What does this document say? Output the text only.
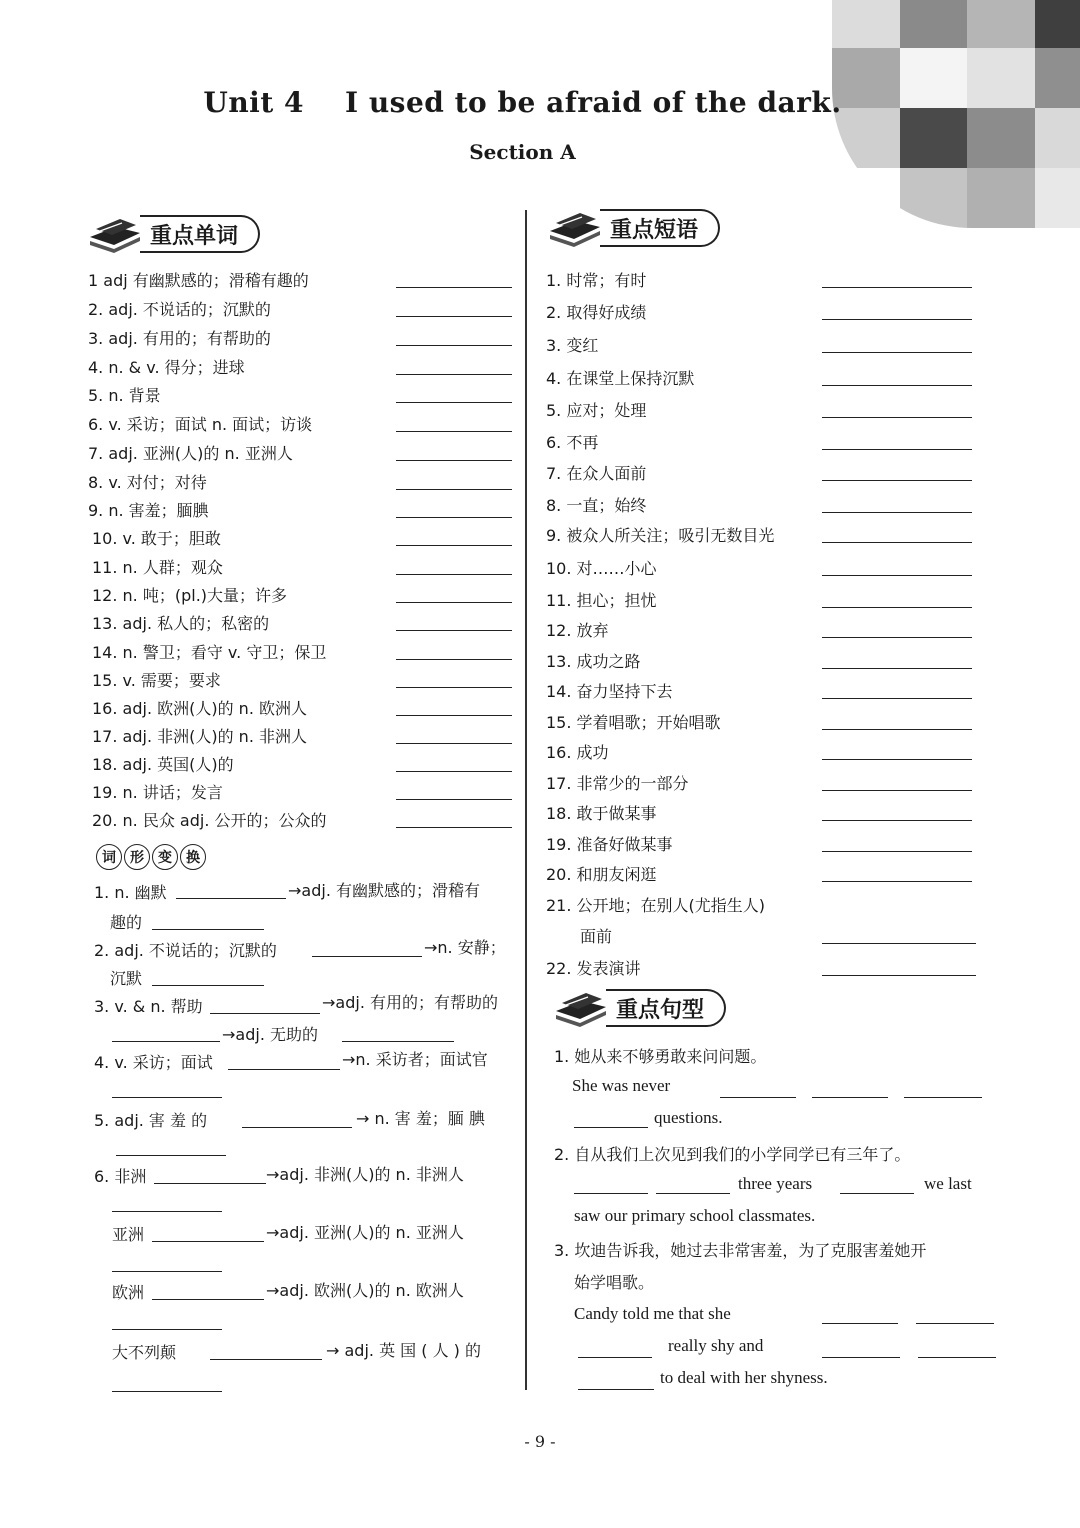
Unit 4    I used to be afraid of the dark.
Section A
重点单词	重点短语
重点句型
1 adj 有幽默感的；滑稽有趣的
2. adj. 不说话的；沉默的
3. adj. 有用的；有帮助的
4. n. & v. 得分；进球
5. n. 背景
6. v. 采访；面试 n. 面试；访谈
7. adj. 亚洲(人)的 n. 亚洲人
8. v. 对付；对待
9. n. 害羞；腼腆
10. v. 敢于；胆敢
11. n. 人群；观众
12. n. 吨；(pl.)大量；许多
13. adj. 私人的；私密的
14. n. 警卫；看守 v. 守卫；保卫
15. v. 需要；要求
16. adj. 欧洲(人)的 n. 欧洲人
17. adj. 非洲(人)的 n. 非洲人
18. adj. 英国(人)的
19. n. 讲话；发言
20. n. 民众 adj. 公开的；公众的
1. 时常；有时
2. 取得好成绩
3. 变红
4. 在课堂上保持沉默
5. 应对；处理
6. 不再
7. 在众人面前
8. 一直；始终
9. 被众人所关注；吸引无数目光
10. 对……小心
11. 担心；担忧
12. 放弃
13. 成功之路
14. 奋力坚持下去
15. 学着唱歌；开始唱歌
16. 成功
17. 非常少的一部分
18. 敢于做某事
19. 准备好做某事
20. 和朋友闲逛
21. 公开地；在别人(尤指生人)
面前
22. 发表演讲
词	形	变	换
1. n. 幽默	→adj. 有幽默感的；滑稽有
趣的
2. adj. 不说话的；沉默的	→n. 安静；
沉默
3. v. & n. 帮助	→adj. 有用的；有帮助的
→adj. 无助的
4. v. 采访；面试	→n. 采访者；面试官
5. adj. 害 羞 的	→ n. 害 羞；腼 腆
6. 非洲	→adj. 非洲(人)的 n. 非洲人
亚洲	→adj. 亚洲(人)的 n. 亚洲人
欧洲	→adj. 欧洲(人)的 n. 欧洲人
大不列颠	→ adj. 英 国 ( 人 ) 的
1. 她从来不够勇敢来问问题。
She was never
questions.
2. 自从我们上次见到我们的小学同学已有三年了。
three years	we last
saw our primary school classmates.
3. 坎迪告诉我，她过去非常害羞，为了克服害羞她开
始学唱歌。
Candy told me that she
really shy and
to deal with her shyness.
- 9 -
